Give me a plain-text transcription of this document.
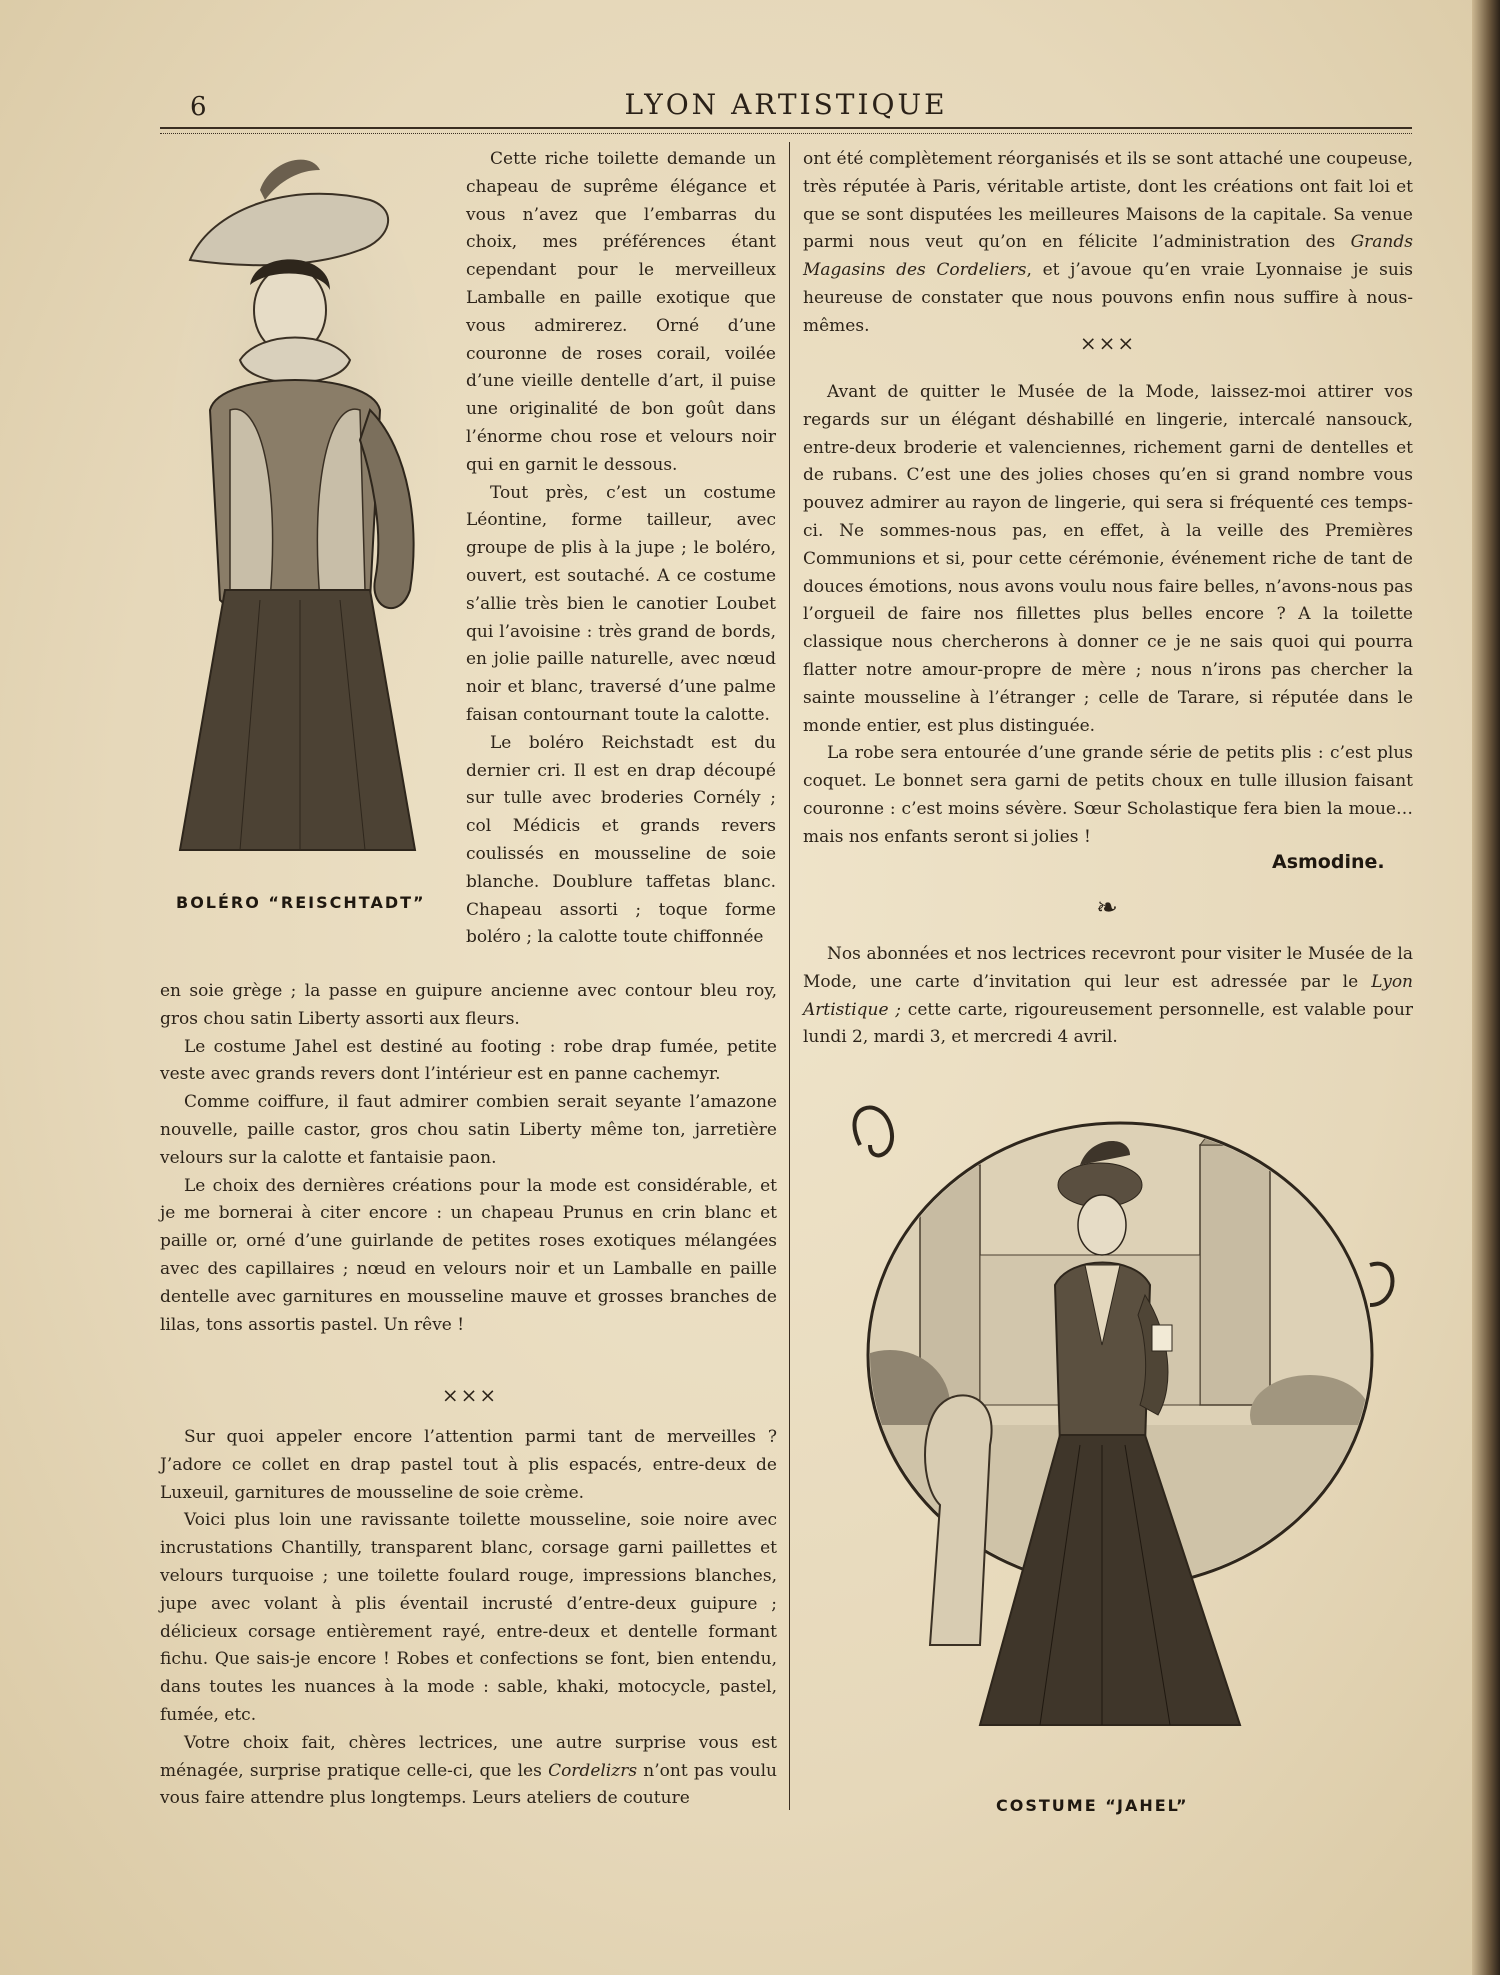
6	LYON ARTISTIQUE
BOLÉRO “REISCHTADT”

Cette riche toilette demande un chapeau de suprême élégance et vous n’avez que l’embarras du choix, mes préférences étant cependant pour le merveilleux Lamballe en paille exotique que vous admirerez. Orné d’une couronne de roses corail, voilée d’une vieille dentelle d’art, il puise une originalité de bon goût dans l’énorme chou rose et velours noir qui en garnit le dessous.

Tout près, c’est un costume Léontine, forme tailleur, avec groupe de plis à la jupe ; le boléro, ouvert, est soutaché. A ce costume s’allie très bien le canotier Loubet qui l’avoisine : très grand de bords, en jolie paille naturelle, avec nœud noir et blanc, traversé d’une palme faisan contournant toute la calotte.

Le boléro Reichstadt est du dernier cri. Il est en drap découpé sur tulle avec broderies Cornély ; col Médicis et grands revers coulissés en mousseline de soie blanche. Doublure taffetas blanc. Chapeau assorti ; toque forme boléro ; la calotte toute chiffonnée

en soie grège ; la passe en guipure ancienne avec contour bleu roy, gros chou satin Liberty assorti aux fleurs.

Le costume Jahel est destiné au footing : robe drap fumée, petite veste avec grands revers dont l’intérieur est en panne cachemyr.

Comme coiffure, il faut admirer combien serait seyante l’amazone nouvelle, paille castor, gros chou satin Liberty même ton, jarretière velours sur la calotte et fantaisie paon.

Le choix des dernières créations pour la mode est considérable, et je me bornerai à citer encore : un chapeau Prunus en crin blanc et paille or, orné d’une guirlande de petites roses exotiques mélangées avec des capillaires ; nœud en velours noir et un Lamballe en paille dentelle avec garnitures en mousseline mauve et grosses branches de lilas, tons assortis pastel. Un rêve !

×××

Sur quoi appeler encore l’attention parmi tant de merveilles ? J’adore ce collet en drap pastel tout à plis espacés, entre-deux de Luxeuil, garnitures de mousseline de soie crème.

Voici plus loin une ravissante toilette mousseline, soie noire avec incrustations Chantilly, transparent blanc, corsage garni paillettes et velours turquoise ; une toilette foulard rouge, impressions blanches, jupe avec volant à plis éventail incrusté d’entre-deux guipure ; délicieux corsage entièrement rayé, entre-deux et dentelle formant fichu. Que sais-je encore ! Robes et confections se font, bien entendu, dans toutes les nuances à la mode : sable, khaki, motocycle, pastel, fumée, etc.

Votre choix fait, chères lectrices, une autre surprise vous est ménagée, surprise pratique celle-ci, que les Cordelizrs n’ont pas voulu vous faire attendre plus longtemps. Leurs ateliers de couture

ont été complètement réorganisés et ils se sont attaché une coupeuse, très réputée à Paris, véritable artiste, dont les créations ont fait loi et que se sont disputées les meilleures Maisons de la capitale. Sa venue parmi nous veut qu’on en félicite l’administration des Grands Magasins des Cordeliers, et j’avoue qu’en vraie Lyonnaise je suis heureuse de constater que nous pouvons enfin nous suffire à nous-mêmes.

×××

Avant de quitter le Musée de la Mode, laissez-moi attirer vos regards sur un élégant déshabillé en lingerie, intercalé nansouck, entre-deux broderie et valenciennes, richement garni de dentelles et de rubans. C’est une des jolies choses qu’en si grand nombre vous pouvez admirer au rayon de lingerie, qui sera si fréquenté ces temps-ci. Ne sommes-nous pas, en effet, à la veille des Premières Communions et si, pour cette cérémonie, événement riche de tant de douces émotions, nous avons voulu nous faire belles, n’avons-nous pas l’orgueil de faire nos fillettes plus belles encore ? A la toilette classique nous chercherons à donner ce je ne sais quoi qui pourra flatter notre amour-propre de mère ; nous n’irons pas chercher la sainte mousseline à l’étranger ; celle de Tarare, si réputée dans le monde entier, est plus distinguée.

La robe sera entourée d’une grande série de petits plis : c’est plus coquet. Le bonnet sera garni de petits choux en tulle illusion faisant couronne : c’est moins sévère. Sœur Scholastique fera bien la moue… mais nos enfants seront si jolies !

Asmodine.
❧

Nos abonnées et nos lectrices recevront pour visiter le Musée de la Mode, une carte d’invitation qui leur est adressée par le Lyon Artistique ; cette carte, rigoureusement personnelle, est valable pour lundi 2, mardi 3, et mercredi 4 avril.

COSTUME “JAHEL”
